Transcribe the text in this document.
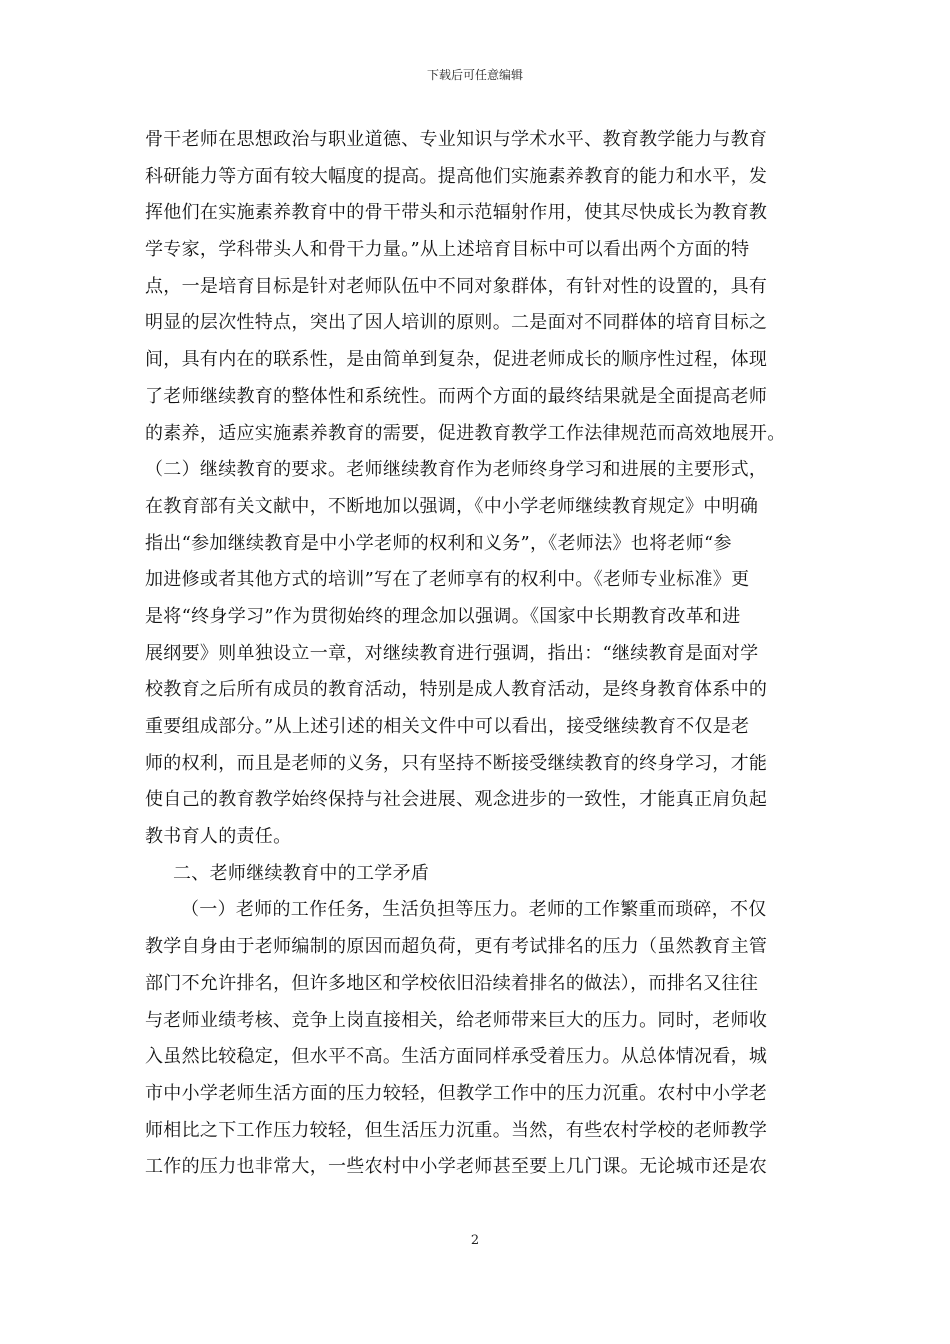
下载后可任意编辑
骨干老师在思想政治与职业道德、专业知识与学术水平、教育教学能力与教育
科研能力等方面有较大幅度的提高。提高他们实施素养教育的能力和水平，发
挥他们在实施素养教育中的骨干带头和示范辐射作用，使其尽快成长为教育教
学专家，学科带头人和骨干力量。”从上述培育目标中可以看出两个方面的特
点，一是培育目标是针对老师队伍中不同对象群体，有针对性的设置的，具有
明显的层次性特点，突出了因人培训的原则。二是面对不同群体的培育目标之
间，具有内在的联系性，是由简单到复杂，促进老师成长的顺序性过程，体现
了老师继续教育的整体性和系统性。而两个方面的最终结果就是全面提高老师
的素养，适应实施素养教育的需要，促进教育教学工作法律规范而高效地展开。
（二）继续教育的要求。老师继续教育作为老师终身学习和进展的主要形式，
在教育部有关文献中，不断地加以强调，《中小学老师继续教育规定》中明确
指出“参加继续教育是中小学老师的权利和义务”，《老师法》也将老师“参
加进修或者其他方式的培训”写在了老师享有的权利中。《老师专业标准》更
是将“终身学习”作为贯彻始终的理念加以强调。《国家中长期教育改革和进
展纲要》则单独设立一章，对继续教育进行强调，指出：“继续教育是面对学
校教育之后所有成员的教育活动，特别是成人教育活动，是终身教育体系中的
重要组成部分。”从上述引述的相关文件中可以看出，接受继续教育不仅是老
师的权利，而且是老师的义务，只有坚持不断接受继续教育的终身学习，才能
使自己的教育教学始终保持与社会进展、观念进步的一致性，才能真正肩负起
教书育人的责任。
二、老师继续教育中的工学矛盾
（一）老师的工作任务，生活负担等压力。老师的工作繁重而琐碎，不仅
教学自身由于老师编制的原因而超负荷，更有考试排名的压力（虽然教育主管
部门不允许排名，但许多地区和学校依旧沿续着排名的做法），而排名又往往
与老师业绩考核、竞争上岗直接相关，给老师带来巨大的压力。同时，老师收
入虽然比较稳定，但水平不高。生活方面同样承受着压力。从总体情况看，城
市中小学老师生活方面的压力较轻，但教学工作中的压力沉重。农村中小学老
师相比之下工作压力较轻，但生活压力沉重。当然，有些农村学校的老师教学
工作的压力也非常大，一些农村中小学老师甚至要上几门课。无论城市还是农
2
